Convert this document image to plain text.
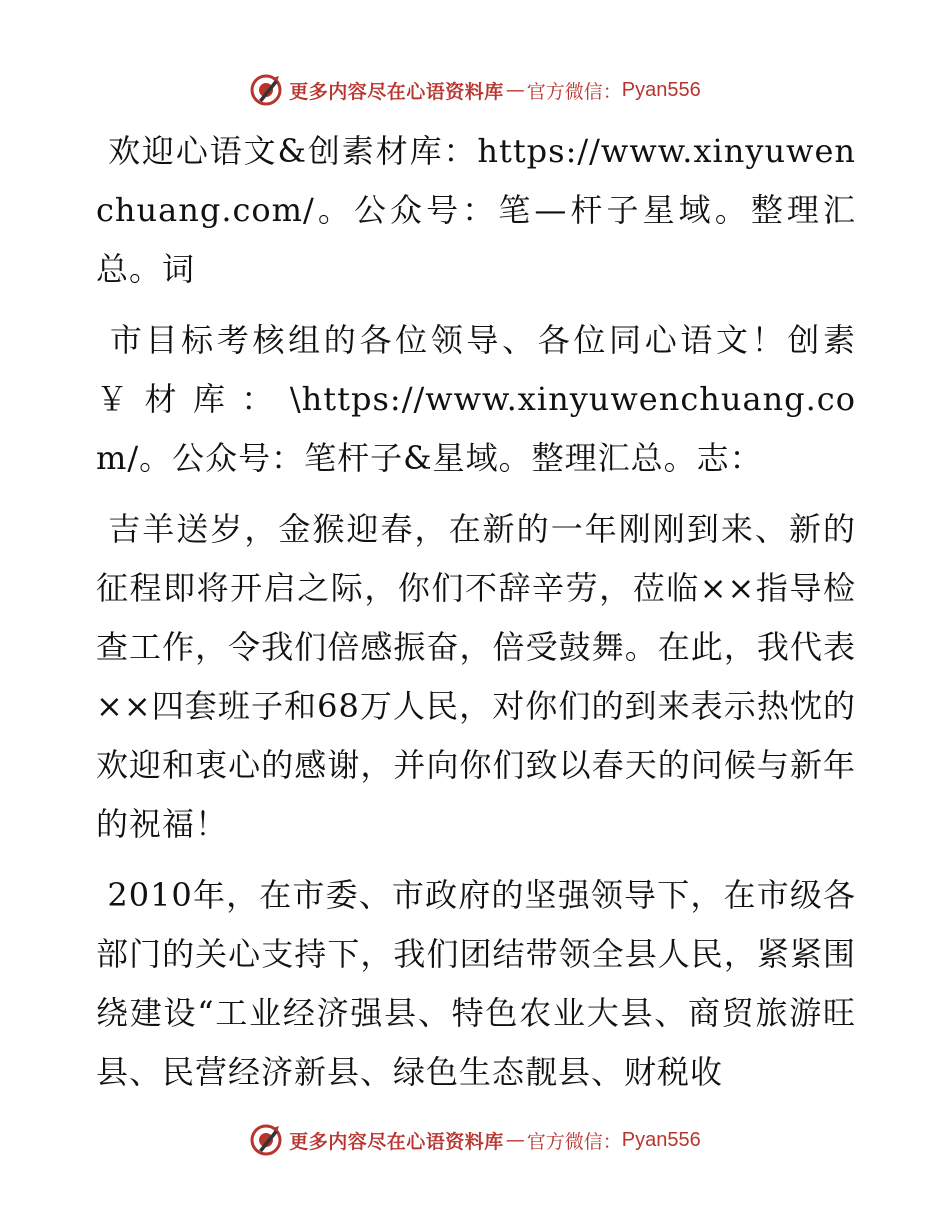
更多内容尽在心语资料库 — 官方微信： Pyan556

欢迎心语文&创素材库：https://www.xinyuwenchuang.com/。公众号：笔—杆子星域。整理汇总。词

市目标考核组的各位领导、各位同心语文！创素￥材库：\https://www.xinyuwenchuang.com/。公众号：笔杆子&星域。整理汇总。志：

吉羊送岁，金猴迎春，在新的一年刚刚到来、新的征程即将开启之际，你们不辞辛劳，莅临××指导检查工作，令我们倍感振奋，倍受鼓舞。在此，我代表××四套班子和68万人民，对你们的到来表示热忱的欢迎和衷心的感谢，并向你们致以春天的问候与新年的祝福！

2010年，在市委、市政府的坚强领导下，在市级各部门的关心支持下，我们团结带领全县人民，紧紧围绕建设“工业经济强县、特色农业大县、商贸旅游旺县、民营经济新县、绿色生态靓县、财税收

更多内容尽在心语资料库 — 官方微信： Pyan556
